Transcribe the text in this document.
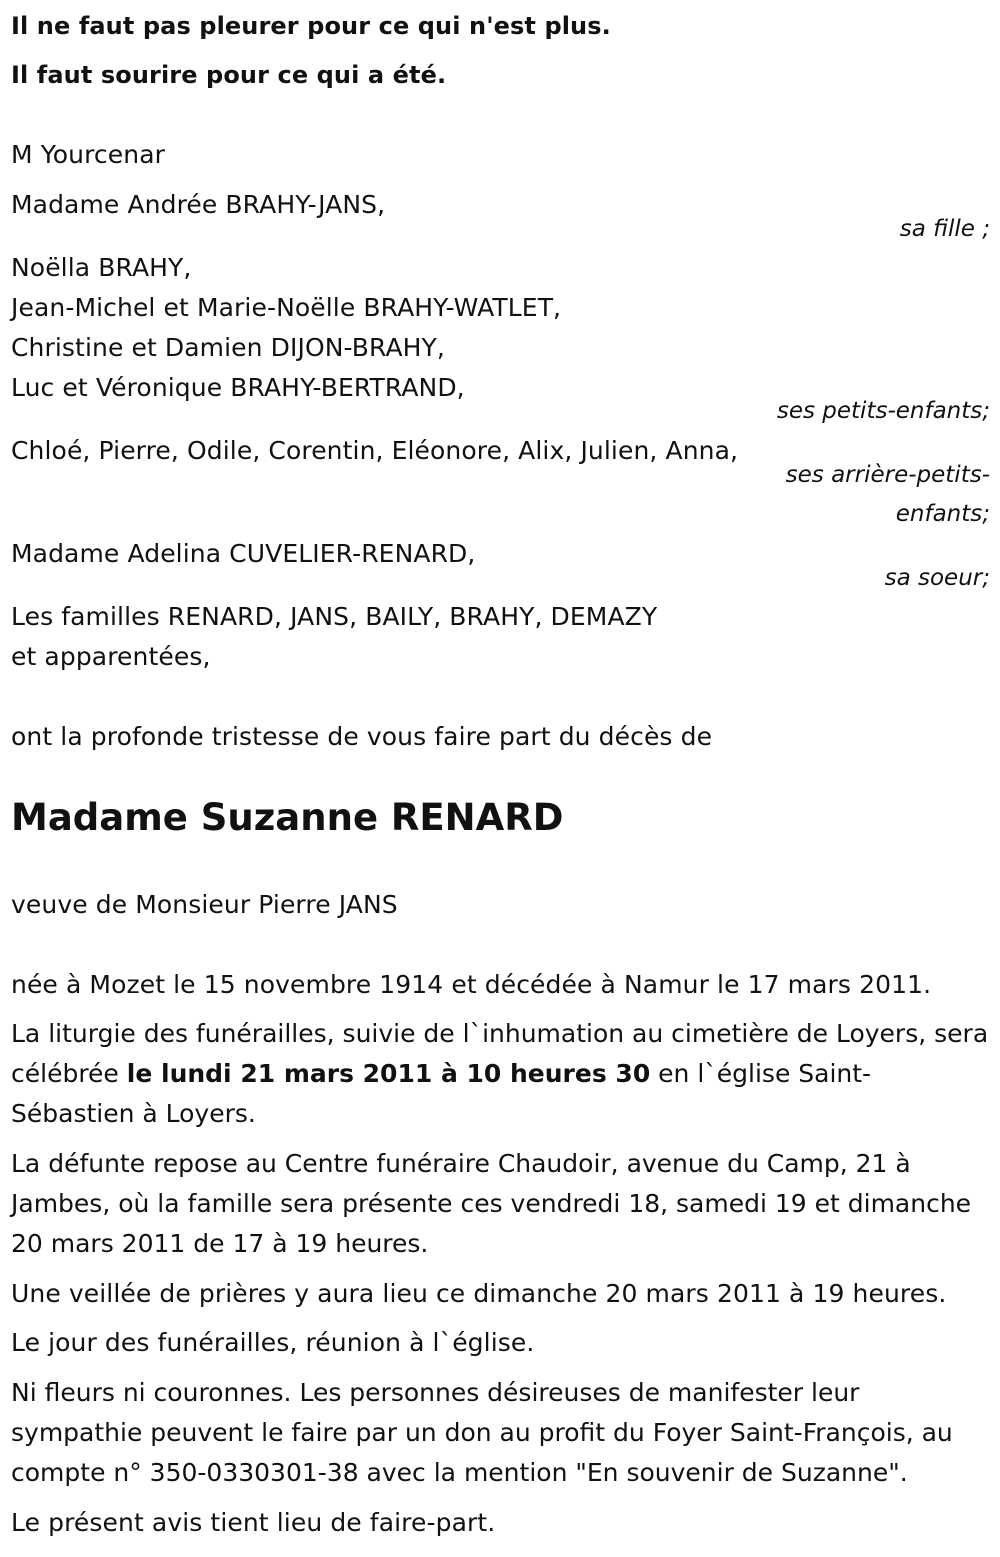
Il ne faut pas pleurer pour ce qui n'est plus.
Il faut sourire pour ce qui a été.
M Yourcenar
Madame Andrée BRAHY-JANS,
sa fille ;
Noëlla BRAHY,
Jean-Michel et Marie-Noëlle BRAHY-WATLET,
Christine et Damien DIJON-BRAHY,
Luc et Véronique BRAHY-BERTRAND,
ses petits-enfants;
Chloé, Pierre, Odile, Corentin, Eléonore, Alix, Julien, Anna,
ses arrière-petits-
enfants;
Madame Adelina CUVELIER-RENARD,
sa soeur;
Les familles RENARD, JANS, BAILY, BRAHY, DEMAZY
et apparentées,
ont la profonde tristesse de vous faire part du décès de
Madame Suzanne RENARD
veuve de Monsieur Pierre JANS
née à Mozet le 15 novembre 1914 et décédée à Namur le 17 mars 2011.
La liturgie des funérailles, suivie de l`inhumation au cimetière de Loyers, sera célébrée le lundi 21 mars 2011 à 10 heures 30 en l`église Saint-Sébastien à Loyers.
La défunte repose au Centre funéraire Chaudoir, avenue du Camp, 21 à Jambes, où la famille sera présente ces vendredi 18, samedi 19 et dimanche 20 mars 2011 de 17 à 19 heures.
Une veillée de prières y aura lieu ce dimanche 20 mars 2011 à 19 heures.
Le jour des funérailles, réunion à l`église.
Ni fleurs ni couronnes. Les personnes désireuses de manifester leur sympathie peuvent le faire par un don au profit du Foyer Saint-François, au compte n° 350-0330301-38 avec la mention "En souvenir de Suzanne".
Le présent avis tient lieu de faire-part.
